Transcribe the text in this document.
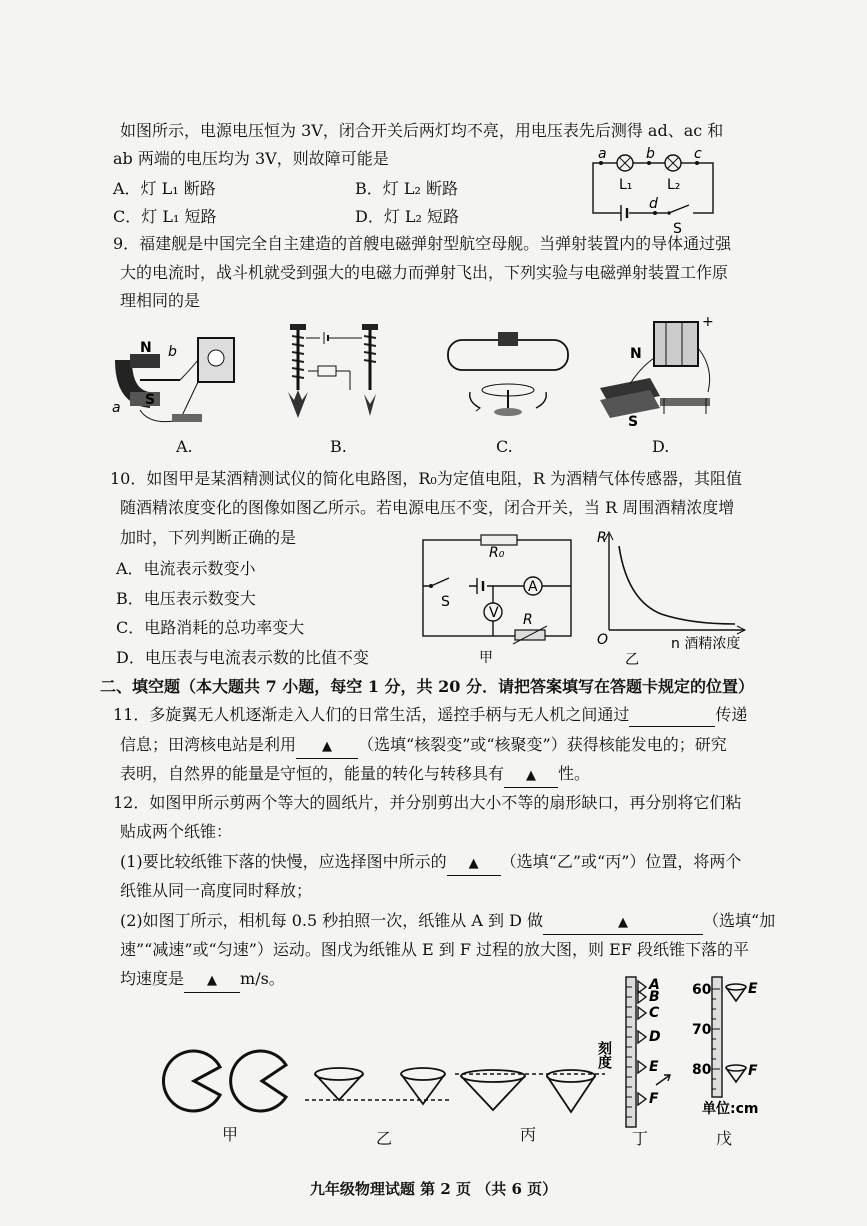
如图所示，电源电压恒为 3V，闭合开关后两灯均不亮，用电压表先后测得 ad、ac 和
ab 两端的电压均为 3V，则故障可能是
A．灯 L₁ 断路	B．灯 L₂ 断路
C．灯 L₁ 短路	D．灯 L₂ 短路
a	b	c
d
L₁ L₂
S
9．福建舰是中国完全自主建造的首艘电磁弹射型航空母舰。当弹射装置内的导体通过强
大的电流时，战斗机就受到强大的电磁力而弹射飞出，下列实验与电磁弹射装置工作原
理相同的是
N
S
a
b	N
S
+
A.	B.	C.	D.
10．如图甲是某酒精测试仪的简化电路图，R₀为定值电阻，R 为酒精气体传感器，其阻值
随酒精浓度变化的图像如图乙所示。若电源电压不变，闭合开关，当 R 周围酒精浓度增
加时，下列判断正确的是
A．电流表示数变小
B．电压表示数变大
C．电路消耗的总功率变大
D．电压表与电流表示数的比值不变
A
V
R₀
R
S
甲
R
O	n 酒精浓度
乙
二、填空题（本大题共 7 小题，每空 1 分，共 20 分．请把答案填写在答题卡规定的位置）
11．多旋翼无人机逐渐走入人们的日常生活，遥控手柄与无人机之间通过	传递
信息；田湾核电站是利用 ▲ （选填“核裂变”或“核聚变”）获得核能发电的；研究
表明，自然界的能量是守恒的，能量的转化与转移具有 ▲ 性。
12．如图甲所示剪两个等大的圆纸片，并分别剪出大小不等的扇形缺口，再分别将它们粘
贴成两个纸锥：
(1)要比较纸锥下落的快慢，应选择图中所示的 ▲ （选填“乙”或“丙”）位置，将两个
纸锥从同一高度同时释放；
(2)如图丁所示，相机每 0.5 秒拍照一次，纸锥从 A 到 D 做	▲	（选填“加
速”“减速”或“匀速”）运动。图戊为纸锥从 E 到 F 过程的放大图，则 EF 段纸锥下落的平
均速度是 ▲ m/s。	A
B
C
D
E
F
刻度
60
70
80
E
F
单位:cm
甲	乙	丙	丁	戊
九年级物理试题 第 2 页 （共 6 页）
